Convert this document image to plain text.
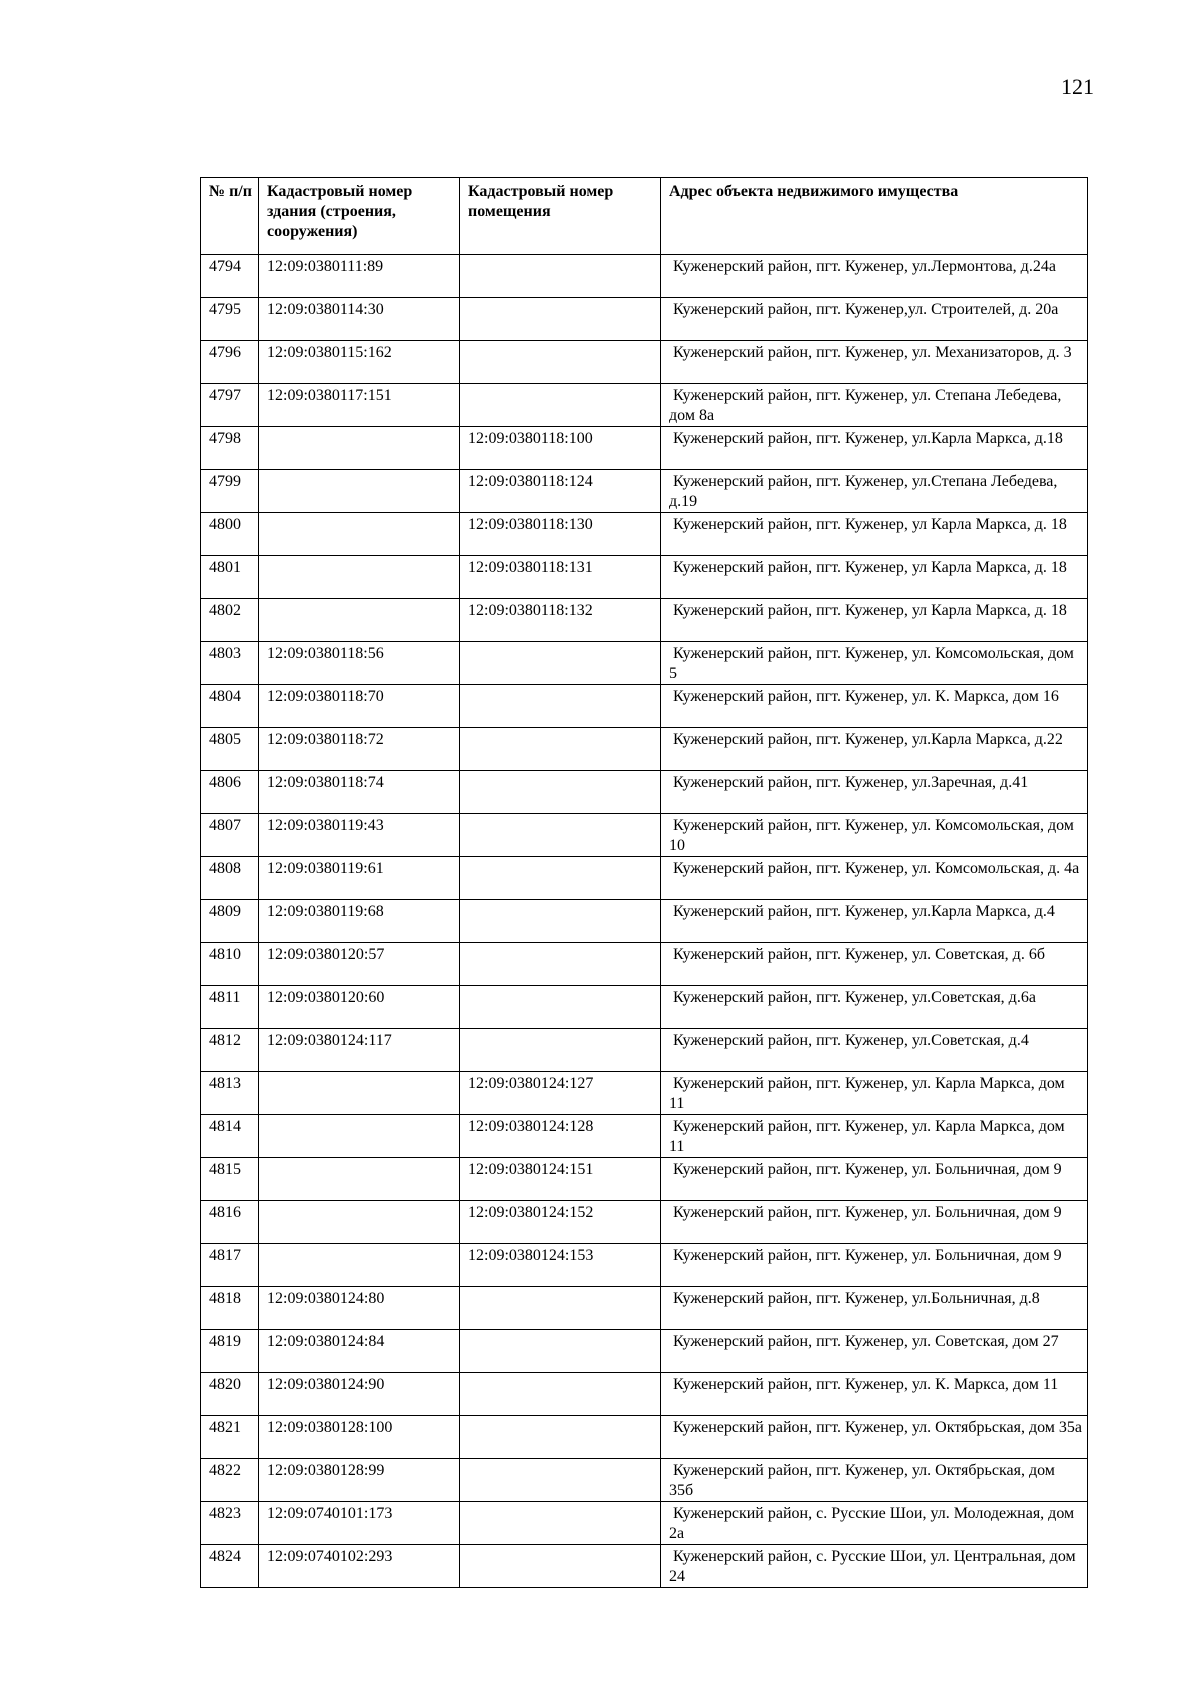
121
№ п/п	Кадастровый номер здания (строения, сооружения)	Кадастровый номер помещения	Адрес объекта недвижимого имущества
4794	12:09:0380111:89		Куженерский район, пгт. Куженер, ул.Лермонтова, д.24а
4795	12:09:0380114:30		Куженерский район, пгт. Куженер,ул. Строителей, д. 20а
4796	12:09:0380115:162		Куженерский район, пгт. Куженер, ул. Механизаторов, д. 3
4797	12:09:0380117:151		Куженерский район, пгт. Куженер, ул. Степана Лебедева, дом 8а
4798		12:09:0380118:100	Куженерский район, пгт. Куженер, ул.Карла Маркса, д.18
4799		12:09:0380118:124	Куженерский район, пгт. Куженер, ул.Степана Лебедева, д.19
4800		12:09:0380118:130	Куженерский район, пгт. Куженер, ул Карла Маркса, д. 18
4801		12:09:0380118:131	Куженерский район, пгт. Куженер, ул Карла Маркса, д. 18
4802		12:09:0380118:132	Куженерский район, пгт. Куженер, ул Карла Маркса, д. 18
4803	12:09:0380118:56		Куженерский район, пгт. Куженер, ул. Комсомольская, дом 5
4804	12:09:0380118:70		Куженерский район, пгт. Куженер, ул. К. Маркса, дом 16
4805	12:09:0380118:72		Куженерский район, пгт. Куженер, ул.Карла Маркса, д.22
4806	12:09:0380118:74		Куженерский район, пгт. Куженер, ул.Заречная, д.41
4807	12:09:0380119:43		Куженерский район, пгт. Куженер, ул. Комсомольская, дом 10
4808	12:09:0380119:61		Куженерский район, пгт. Куженер, ул. Комсомольская, д. 4а
4809	12:09:0380119:68		Куженерский район, пгт. Куженер, ул.Карла Маркса, д.4
4810	12:09:0380120:57		Куженерский район, пгт. Куженер, ул. Советская, д. 6б
4811	12:09:0380120:60		Куженерский район, пгт. Куженер, ул.Советская, д.6а
4812	12:09:0380124:117		Куженерский район, пгт. Куженер, ул.Советская, д.4
4813		12:09:0380124:127	Куженерский район, пгт. Куженер, ул. Карла Маркса, дом 11
4814		12:09:0380124:128	Куженерский район, пгт. Куженер, ул. Карла Маркса, дом 11
4815		12:09:0380124:151	Куженерский район, пгт. Куженер, ул. Больничная, дом 9
4816		12:09:0380124:152	Куженерский район, пгт. Куженер, ул. Больничная, дом 9
4817		12:09:0380124:153	Куженерский район, пгт. Куженер, ул. Больничная, дом 9
4818	12:09:0380124:80		Куженерский район, пгт. Куженер, ул.Больничная, д.8
4819	12:09:0380124:84		Куженерский район, пгт. Куженер, ул. Советская, дом 27
4820	12:09:0380124:90		Куженерский район, пгт. Куженер, ул. К. Маркса, дом 11
4821	12:09:0380128:100		Куженерский район, пгт. Куженер, ул. Октябрьская, дом 35а
4822	12:09:0380128:99		Куженерский район, пгт. Куженер, ул. Октябрьская, дом 35б
4823	12:09:0740101:173		Куженерский район, с. Русские Шои, ул. Молодежная, дом 2а
4824	12:09:0740102:293		Куженерский район, с. Русские Шои, ул. Центральная, дом 24
